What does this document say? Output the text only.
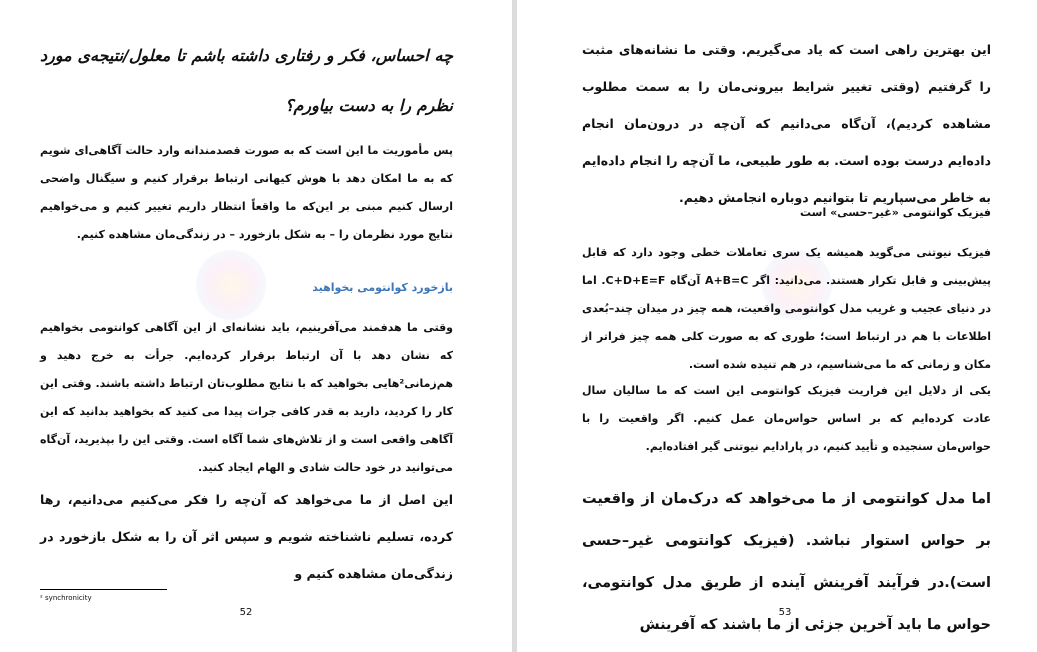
چه احساس، فکر و رفتاری داشته باشم تا معلول/نتیجه‌ی مورد نظرم را به دست بیاورم؟

پس مأموریت ما این است که به صورت قصدمندانه وارد حالت آگاهی‌ای شویم که به ما امکان دهد با هوش کیهانی ارتباط برقرار کنیم و سیگنال واضحی ارسال کنیم مبنی بر این‌که ما واقعاً انتظار داریم تغییر کنیم و می‌خواهیم نتایج مورد نظرمان را – به شکل بازخورد – در زندگی‌مان مشاهده کنیم.

بازخورد کوانتومی بخواهید

وقتی ما هدفمند می‌آفرینیم، باید نشانه‌ای از این آگاهی کوانتومی بخواهیم که نشان دهد با آن ارتباط برقرار کرده‌ایم. جرأت به خرج دهید و هم‌زمانی²هایی بخواهید که با نتایج مطلوب‌تان ارتباط داشته باشند. وقتی این کار را کردید، دارید به قدر کافی جرات پیدا می کنید که بخواهید بدانید که این آگاهی واقعی است و از تلاش‌های شما آگاه است. وقتی این را بپذیرید، آن‌گاه می‌توانید در خود حالت شادی و الهام ایجاد کنید.

این اصل از ما می‌خواهد که آن‌چه را فکر می‌کنیم می‌دانیم، رها کرده، تسلیم ناشناخته شویم و سپس اثر آن را به شکل بازخورد در زندگی‌مان مشاهده کنیم و

² synchronicity
52

این بهترین راهی است که یاد می‌گیریم. وقتی ما نشانه‌های مثبت را گرفتیم (وقتی تغییر شرایط بیرونی‌مان را به سمت مطلوب مشاهده کردیم)، آن‌گاه می‌دانیم که آن‌چه در درون‌مان انجام داده‌ایم درست بوده است. به طور طبیعی، ما آن‌چه را انجام داده‌ایم به خاطر می‌سپاریم تا بتوانیم دوباره انجامش دهیم.

فیزیک کوانتومی «غیر–حسی» است

فیزیک نیوتنی می‌گوید همیشه یک سری تعاملات خطی وجود دارد که قابل پیش‌بینی و قابل تکرار هستند. می‌دانید: اگر A+B=C آن‌گاه C+D+E=F. اما در دنیای عجیب و غریب مدل کوانتومی واقعیت، همه چیز در میدان چند–بُعدی اطلاعات با هم در ارتباط است؛ طوری که به صورت کلی همه چیز فراتر از مکان و زمانی که ما می‌شناسیم، در هم تنیده شده است.

یکی از دلایل این فراریت فیزیک کوانتومی این است که ما سالیان سال عادت کرده‌ایم که بر اساس حواس‌مان عمل کنیم. اگر واقعیت را با حواس‌مان سنجیده و تأیید کنیم، در پارادایم نیوتنی گیر افتاده‌ایم.

اما مدل کوانتومی از ما می‌خواهد که درک‌مان از واقعیت بر حواس استوار نباشد. (فیزیک کوانتومی غیر–حسی است).در فرآیند آفرینش آینده از طریق مدل کوانتومی، حواس ما باید آخرین جزئی از ما باشند که آفرینش

53
